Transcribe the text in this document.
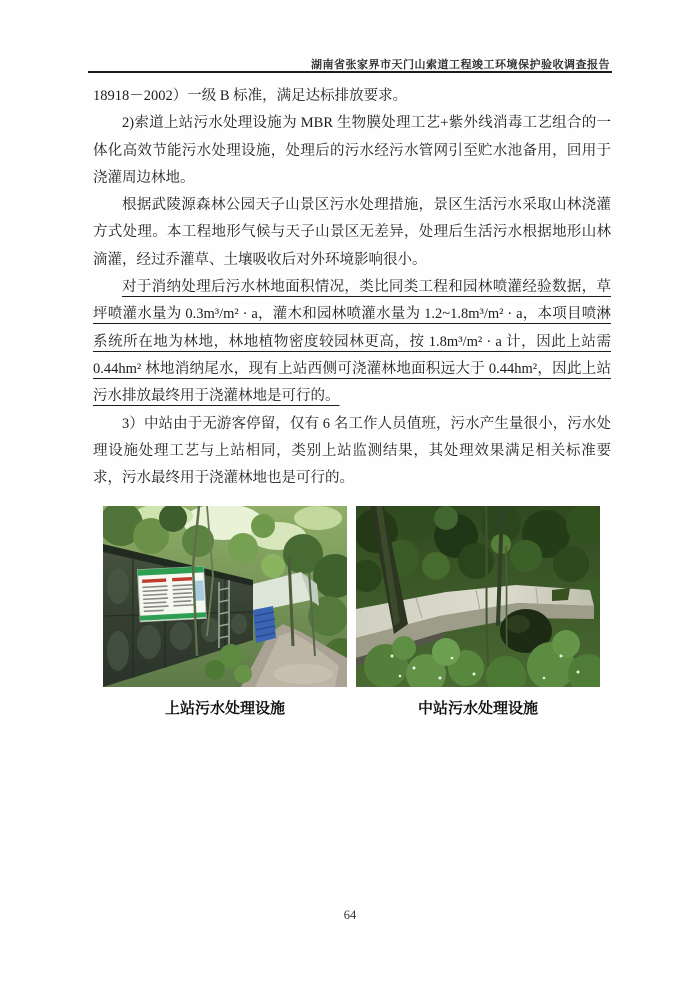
湖南省张家界市天门山索道工程竣工环境保护验收调查报告

18918－2002）一级 B 标准，满足达标排放要求。

2)索道上站污水处理设施为 MBR 生物膜处理工艺+紫外线消毒工艺组合的一体化高效节能污水处理设施，处理后的污水经污水管网引至贮水池备用，回用于浇灌周边林地。

根据武陵源森林公园天子山景区污水处理措施，景区生活污水采取山林浇灌方式处理。本工程地形气候与天子山景区无差异，处理后生活污水根据地形山林滴灌，经过乔灌草、土壤吸收后对外环境影响很小。

对于消纳处理后污水林地面积情况，类比同类工程和园林喷灌经验数据，草坪喷灌水量为 0.3m³/m² · a，灌木和园林喷灌水量为 1.2~1.8m³/m² · a，本项目喷淋系统所在地为林地，林地植物密度较园林更高，按 1.8m³/m² · a 计，因此上站需 0.44hm² 林地消纳尾水，现有上站西侧可浇灌林地面积远大于 0.44hm²，因此上站污水排放最终用于浇灌林地是可行的。

3）中站由于无游客停留，仅有 6 名工作人员值班，污水产生量很小，污水处理设施处理工艺与上站相同，类别上站监测结果，其处理效果满足相关标准要求，污水最终用于浇灌林地也是可行的。

上站污水处理设施	中站污水处理设施
64
